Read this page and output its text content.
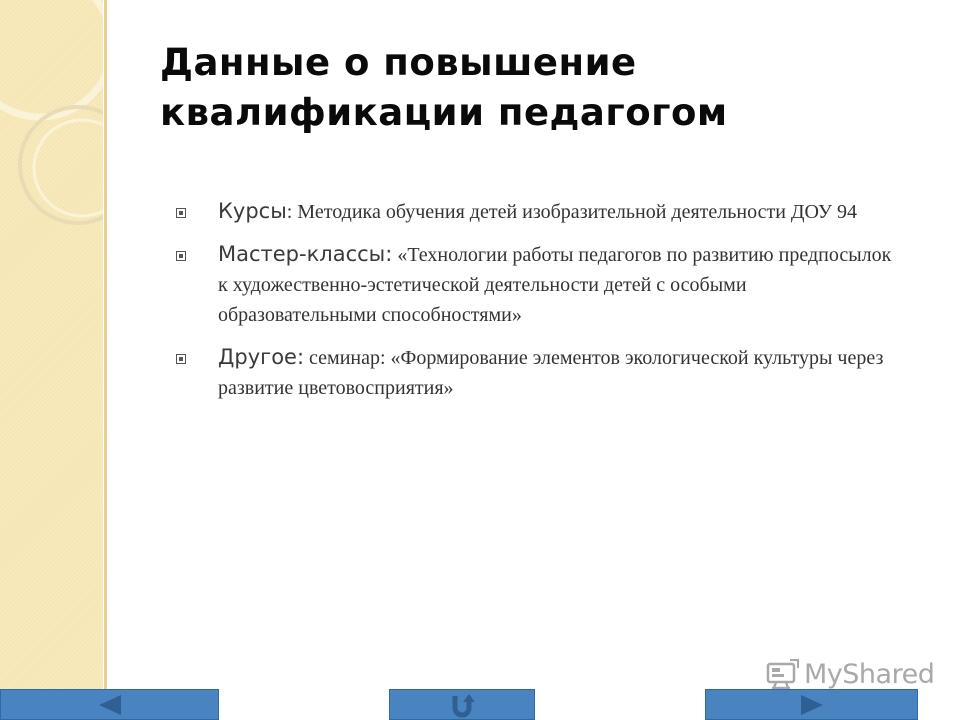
Данные о повышение квалификации педагогом
Курсы: Методика обучения детей изобразительной деятельности ДОУ 94
Мастер-классы: «Технологии работы педагогов по развитию предпосылок к художественно-эстетической деятельности детей с особыми образовательными способностями»
Другое: семинар: «Формирование элементов экологической культуры через развитие цветовосприятия»
MyShared
